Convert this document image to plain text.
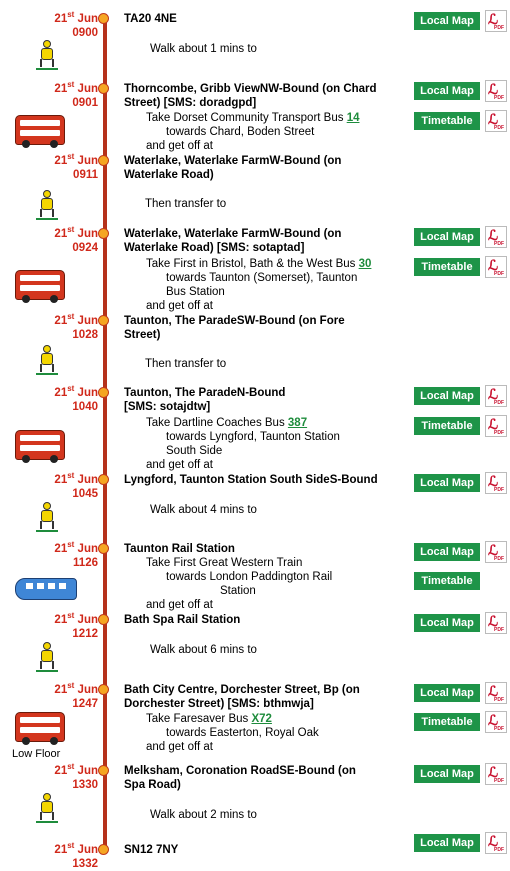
21st Jun
0900
TA20 4NE	Local Map	ℒ
PDF
Walk about 1 mins to
21st Jun
0901
Thorncombe, Gribb ViewNW-Bound (on Chard
Street) [SMS: doradgpd]
Local Map	ℒ
PDF
Take Dorset Community Transport Bus 14
towards Chard, Boden Street
and get off at
Timetable	ℒ
PDF
21st Jun
0911
Waterlake, Waterlake FarmW-Bound (on
Waterlake Road)
Then transfer to
21st Jun
0924
Waterlake, Waterlake FarmW-Bound (on
Waterlake Road) [SMS: sotaptad]
Local Map	ℒ
PDF
Take First in Bristol, Bath & the West Bus 30
towards Taunton (Somerset), Taunton
Bus Station
and get off at
Timetable	ℒ
PDF
21st Jun
1028
Taunton, The ParadeSW-Bound (on Fore
Street)
Then transfer to
21st Jun
1040
Taunton, The ParadeN-Bound
[SMS: sotajdtw]
Local Map	ℒ
PDF
Take Dartline Coaches Bus 387
towards Lyngford, Taunton Station
South Side
and get off at
Timetable	ℒ
PDF
21st Jun
1045
Lyngford, Taunton Station South SideS-Bound	Local Map	ℒ
PDF
Walk about 4 mins to
21st Jun
1126
Taunton Rail Station	Local Map	ℒ
PDF
Take First Great Western Train
towards London Paddington Rail
Station
and get off at
Timetable
21st Jun
1212
Bath Spa Rail Station	Local Map	ℒ
PDF
Walk about 6 mins to
21st Jun
1247
Bath City Centre, Dorchester Street, Bp (on
Dorchester Street) [SMS: bthmwja]
Local Map	ℒ
PDF
Low Floor
Take Faresaver Bus X72
towards Easterton, Royal Oak
and get off at
Timetable	ℒ
PDF
21st Jun
1330
Melksham, Coronation RoadSE-Bound (on
Spa Road)
Local Map	ℒ
PDF
Walk about 2 mins to
21st Jun
1332
SN12 7NY
Local Map	ℒ
PDF
